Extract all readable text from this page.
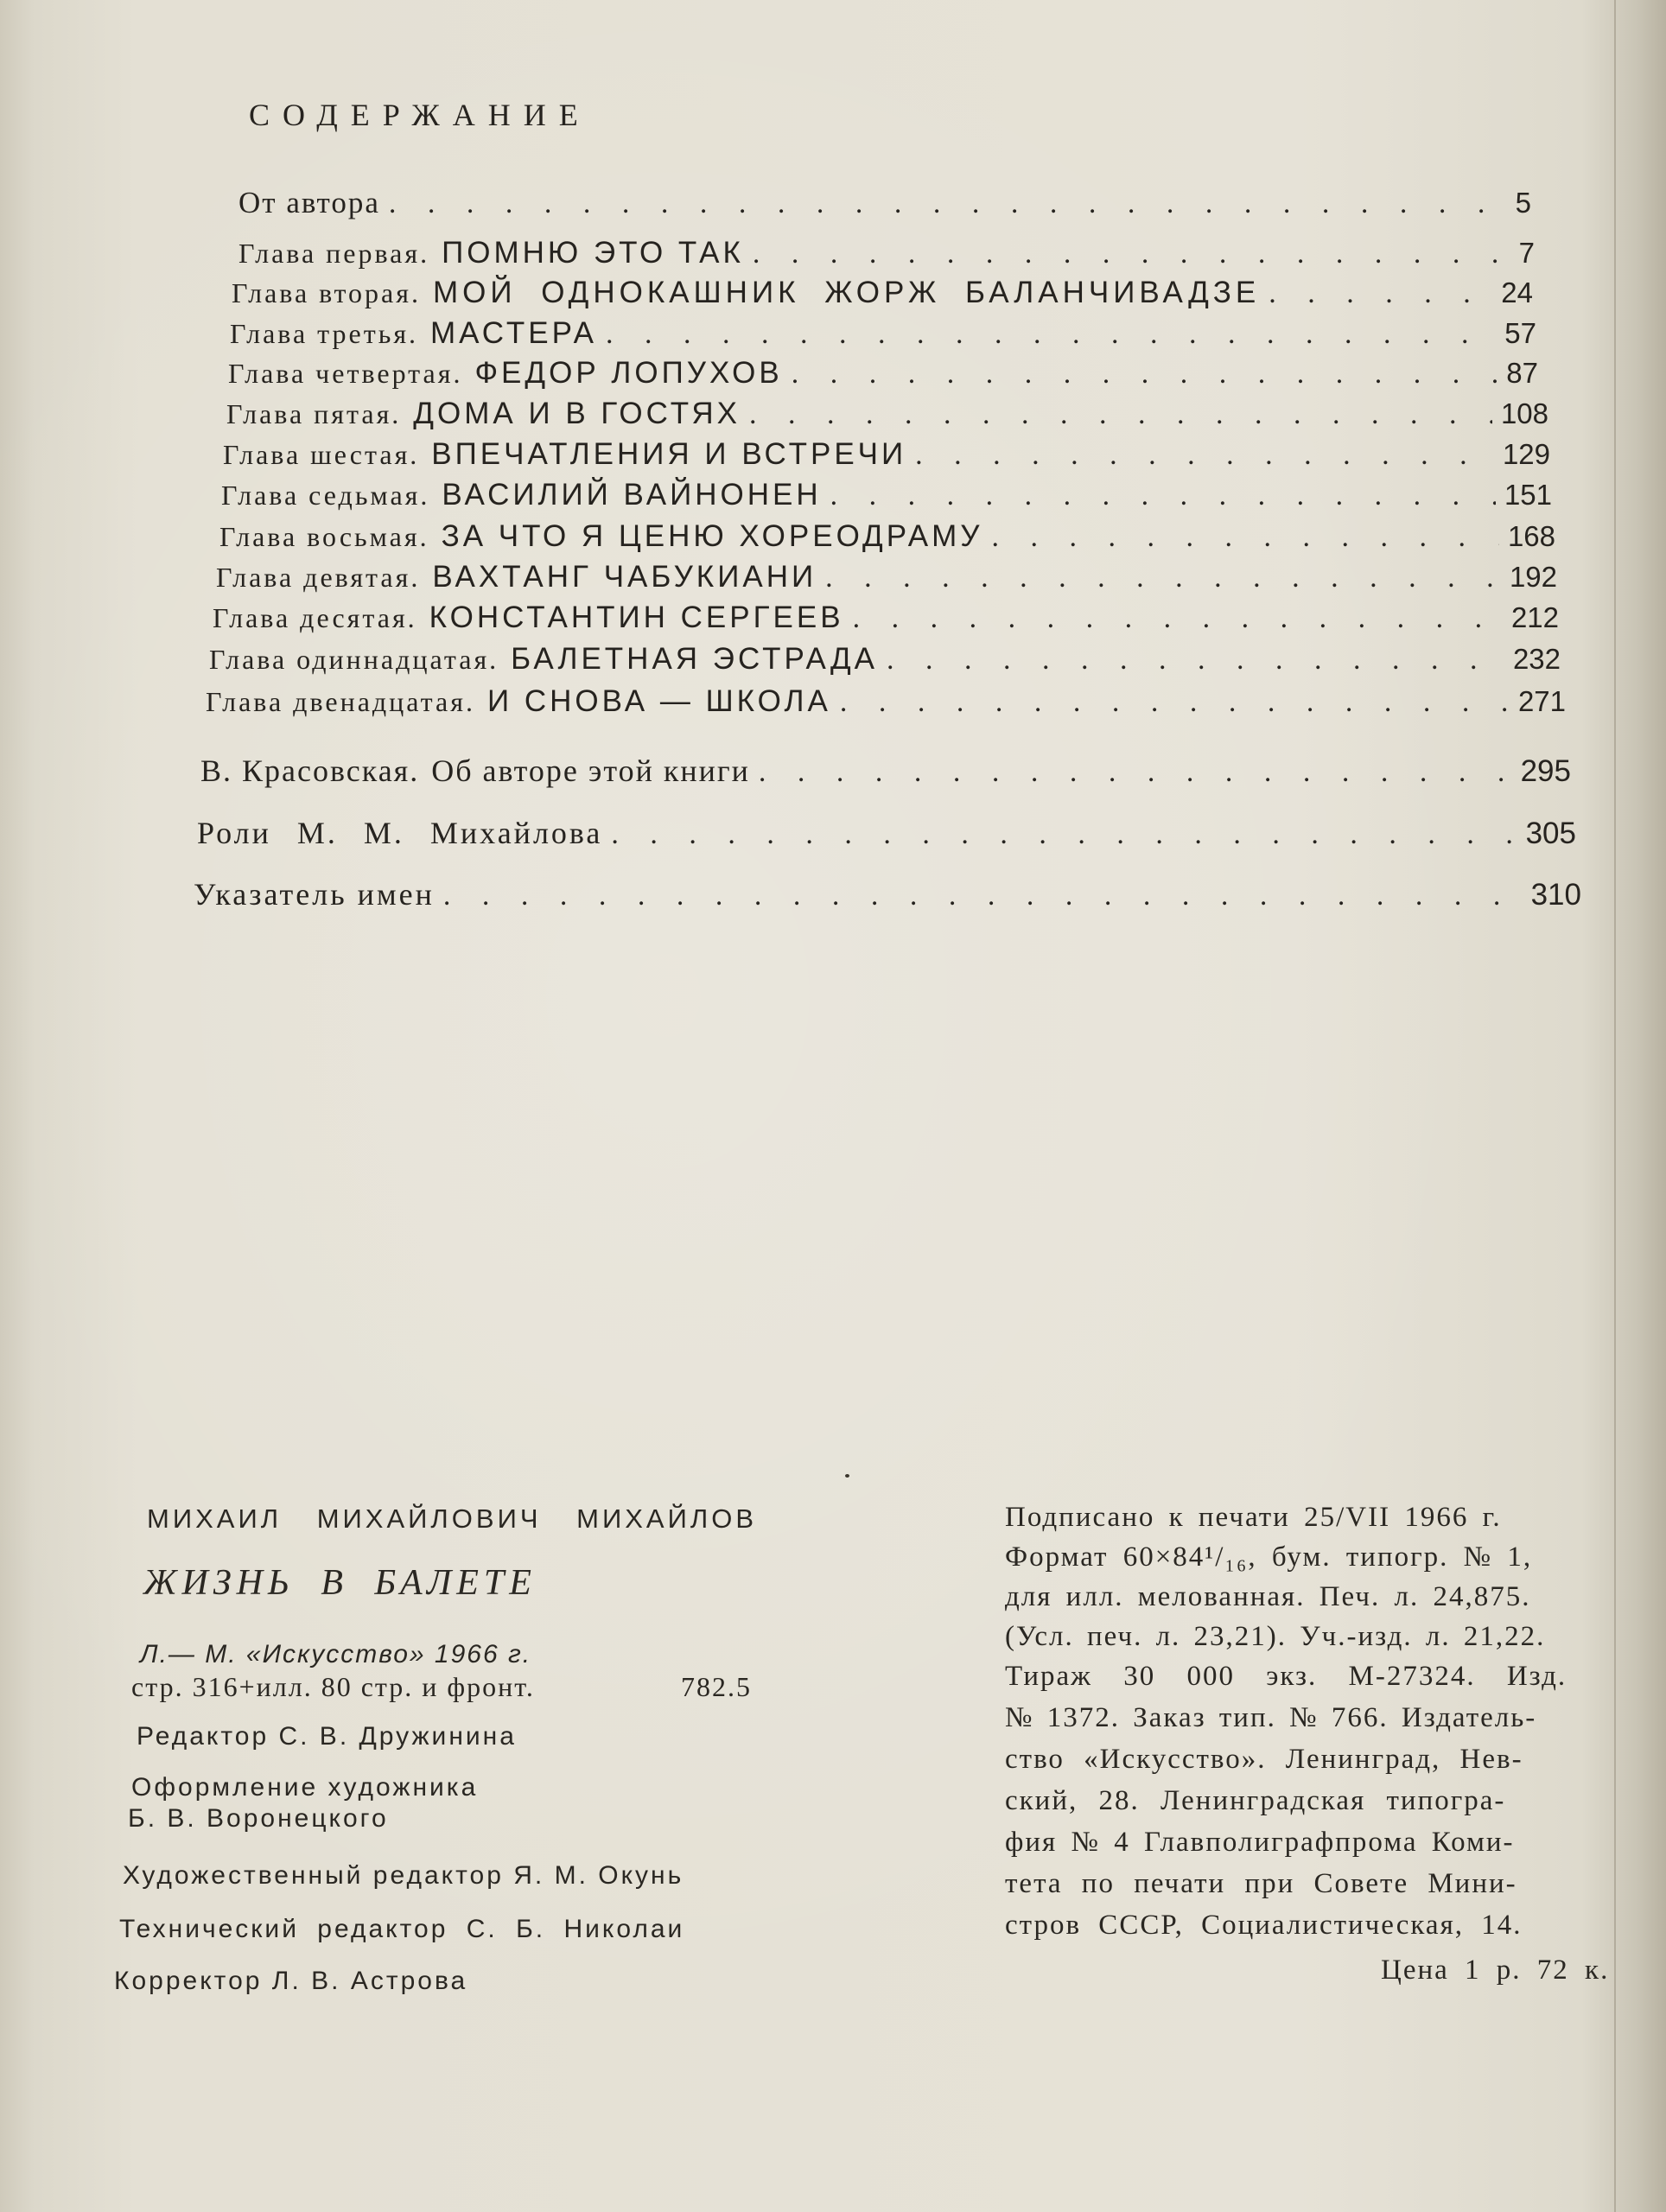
СОДЕРЖАНИЕ
От автора . . .	5
Глава первая. ПОМНЮ ЭТО ТАК . . .	7
Глава вторая. МОЙ ОДНОКАШНИК ЖОРЖ БАЛАНЧИВАДЗЕ . . .	24
Глава третья. МАСТЕРА . . .	57
Глава четвертая. ФЕДОР ЛОПУХОВ . . .	87
Глава пятая. ДОМА И В ГОСТЯХ . . .	108
Глава шестая. ВПЕЧАТЛЕНИЯ И ВСТРЕЧИ . . .	129
Глава седьмая. ВАСИЛИЙ ВАЙНОНЕН . . .	151
Глава восьмая. ЗА ЧТО Я ЦЕНЮ ХОРЕОДРАМУ . . .	168
Глава девятая. ВАХТАНГ ЧАБУКИАНИ . . .	192
Глава десятая. КОНСТАНТИН СЕРГЕЕВ . . .	212
Глава одиннадцатая. БАЛЕТНАЯ ЭСТРАДА . . .	232
Глава двенадцатая. И СНОВА — ШКОЛА . . .	271
В. Красовская. Об авторе этой книги . . .	295
Роли М. М. Михайлова . . .	305
Указатель имен . . .	310
МИХАИЛ МИХАЙЛОВИЧ МИХАЙЛОВ
ЖИЗНЬ В БАЛЕТЕ
Л.— М. «Искусство» 1966 г.
стр. 316+илл. 80 стр. и фронт.	782.5
Редактор С. В. Дружинина
Оформление художника
Б. В. Воронецкого
Художественный редактор Я. М. Окунь
Технический редактор С. Б. Николаи
Корректор Л. В. Астрова
Подписано к печати 25/VII 1966 г.
Формат 60×84¹/₁₆, бум. типогр. № 1,
для илл. мелованная. Печ. л. 24,875.
(Усл. печ. л. 23,21). Уч.-изд. л. 21,22.
Тираж 30 000 экз. М-27324. Изд.
№ 1372. Заказ тип. № 766. Издатель-
ство «Искусство». Ленинград, Нев-
ский, 28. Ленинградская типогра-
фия № 4 Главполиграфпрома Коми-
тета по печати при Совете Мини-
стров СССР, Социалистическая, 14.
Цена 1 р. 72 к.
